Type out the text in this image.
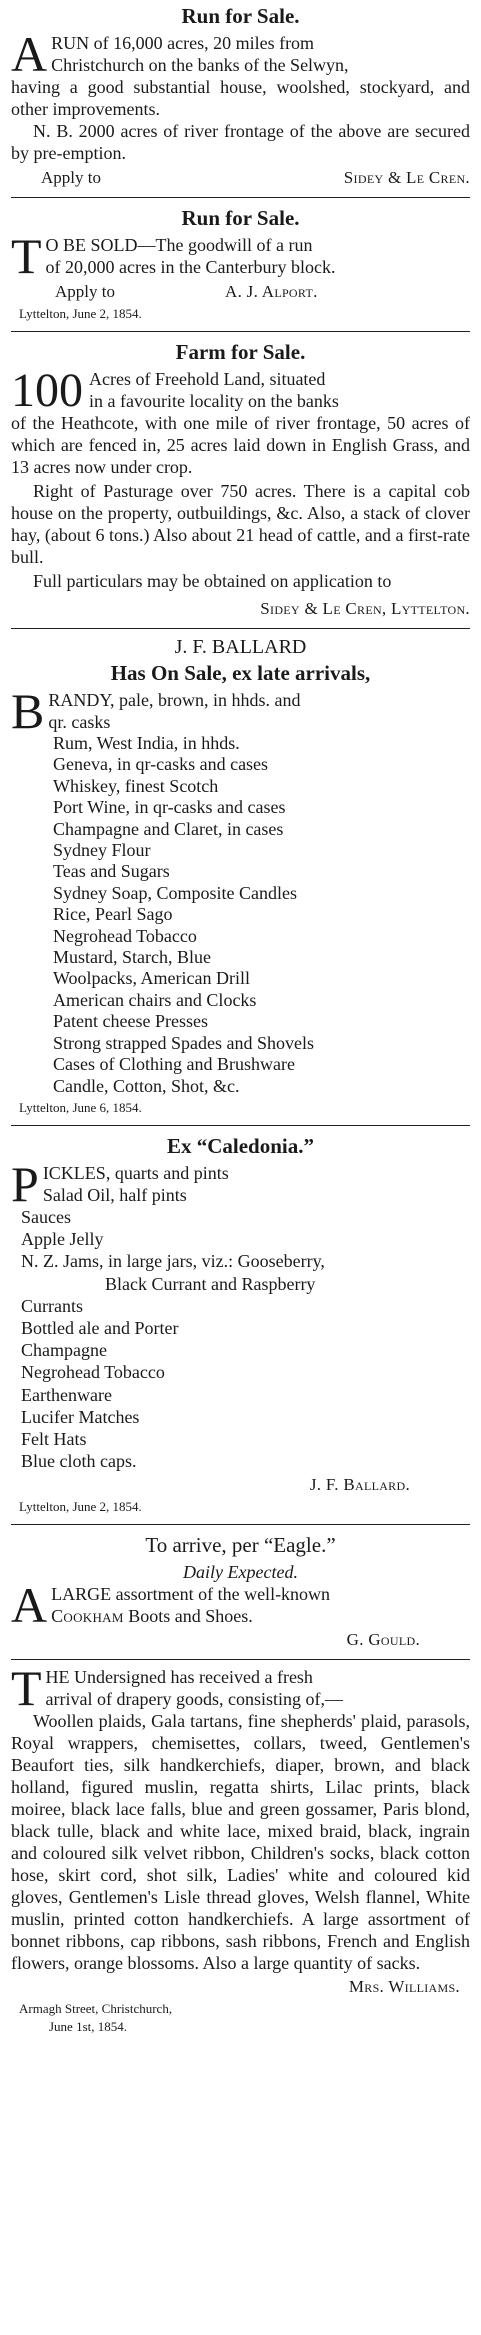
Run for Sale.
A RUN of 16,000 acres, 20 miles from
Christchurch on the banks of the Selwyn,

having a good substantial house, woolshed, stockyard, and other improvements.

N. B. 2000 acres of river frontage of the above are secured by pre-emption.

Apply to	Sidey & Le Cren.
Run for Sale.
T O BE SOLD—The goodwill of a run
of 20,000 acres in the Canterbury block.
Apply to	A. J. Alport.
Lyttelton, June 2, 1854.
Farm for Sale.
100 Acres of Freehold Land, situated
in a favourite locality on the banks

of the Heathcote, with one mile of river frontage, 50 acres of which are fenced in, 25 acres laid down in English Grass, and 13 acres now under crop.

Right of Pasturage over 750 acres. There is a capital cob house on the property, outbuildings, &c. Also, a stack of clover hay, (about 6 tons.) Also about 21 head of cattle, and a first-rate bull.

Full particulars may be obtained on application to

Sidey & Le Cren, Lyttelton.
J. F. BALLARD
Has On Sale, ex late arrivals,
B RANDY, pale, brown, in hhds. and
qr. casks
Rum, West India, in hhds.
Geneva, in qr-casks and cases
Whiskey, finest Scotch
Port Wine, in qr-casks and cases
Champagne and Claret, in cases
Sydney Flour
Teas and Sugars
Sydney Soap, Composite Candles
Rice, Pearl Sago
Negrohead Tobacco
Mustard, Starch, Blue
Woolpacks, American Drill
American chairs and Clocks
Patent cheese Presses
Strong strapped Spades and Shovels
Cases of Clothing and Brushware
Candle, Cotton, Shot, &c.
Lyttelton, June 6, 1854.
Ex “Caledonia.”
P ICKLES, quarts and pints
Salad Oil, half pints
Sauces
Apple Jelly
N. Z. Jams, in large jars, viz.: Gooseberry,
Black Currant and Raspberry
Currants
Bottled ale and Porter
Champagne
Negrohead Tobacco
Earthenware
Lucifer Matches
Felt Hats
Blue cloth caps.
J. F. Ballard.
Lyttelton, June 2, 1854.
To arrive, per “Eagle.”
Daily Expected.
A LARGE assortment of the well-known
Cookham Boots and Shoes.
G. Gould.
T HE Undersigned has received a fresh
arrival of drapery goods, consisting of,—

Woollen plaids, Gala tartans, fine shepherds' plaid, parasols, Royal wrappers, chemisettes, collars, tweed, Gentlemen's Beaufort ties, silk handkerchiefs, diaper, brown, and black holland, figured muslin, regatta shirts, Lilac prints, black moiree, black lace falls, blue and green gossamer, Paris blond, black tulle, black and white lace, mixed braid, black, ingrain and coloured silk velvet ribbon, Children's socks, black cotton hose, skirt cord, shot silk, Ladies' white and coloured kid gloves, Gentlemen's Lisle thread gloves, Welsh flannel, White muslin, printed cotton handkerchiefs. A large assortment of bonnet ribbons, cap ribbons, sash ribbons, French and English flowers, orange blossoms. Also a large quantity of sacks.

Mrs. Williams.
Armagh Street, Christchurch,
June 1st, 1854.
